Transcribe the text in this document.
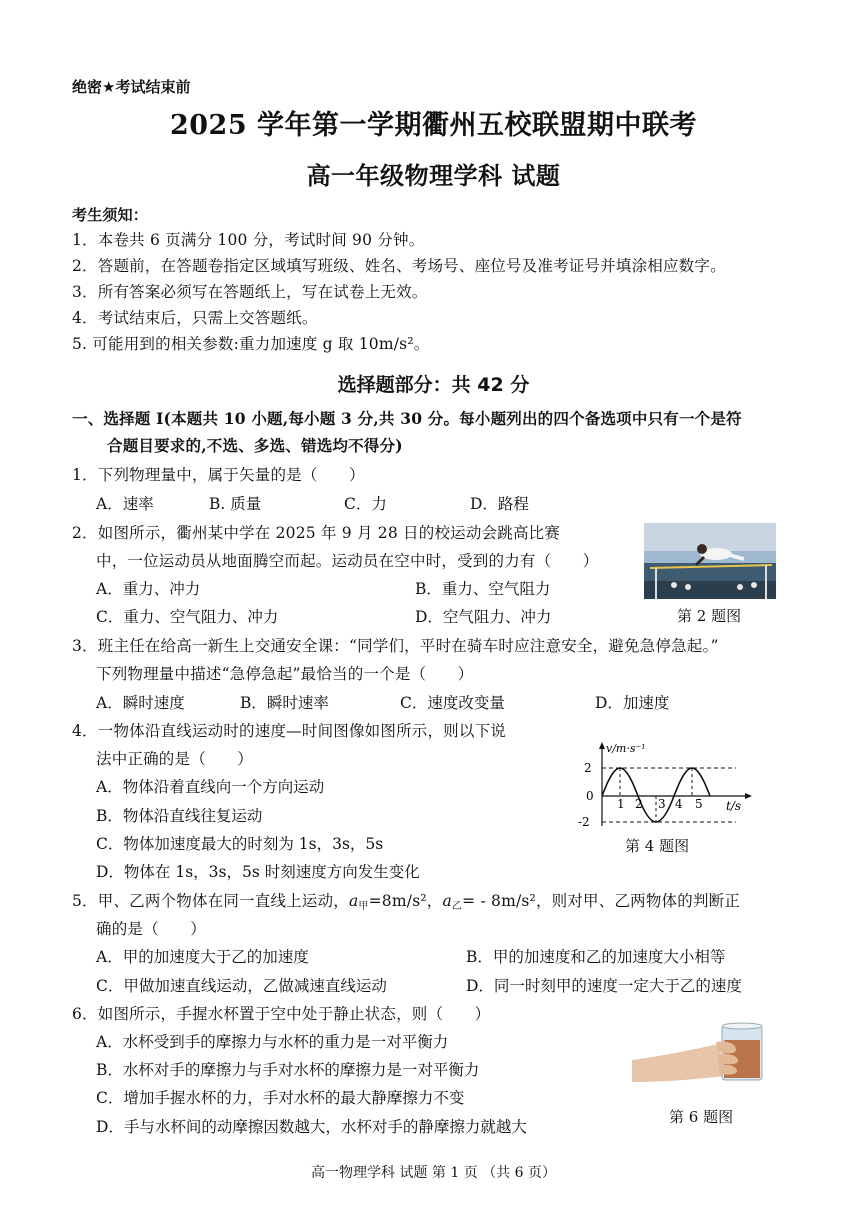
绝密★考试结束前
2025 学年第一学期衢州五校联盟期中联考
高一年级物理学科 试题
考生须知：
1．本卷共 6 页满分 100 分，考试时间 90 分钟。
2．答题前，在答题卷指定区域填写班级、姓名、考场号、座位号及准考证号并填涂相应数字。
3．所有答案必须写在答题纸上，写在试卷上无效。
4．考试结束后，只需上交答题纸。
5. 可能用到的相关参数:重力加速度 g 取 10m/s²。
选择题部分：共 42 分
一、选择题 I(本题共 10 小题,每小题 3 分,共 30 分。每小题列出的四个备选项中只有一个是符
合题目要求的,不选、多选、错选均不得分)
1．下列物理量中，属于矢量的是（　　）
A．速率	B. 质量	C．力	D．路程
2．如图所示，衢州某中学在 2025 年 9 月 28 日的校运动会跳高比赛
中，一位运动员从地面腾空而起。运动员在空中时，受到的力有（　　）
A．重力、冲力	B．重力、空气阻力
C．重力、空气阻力、冲力	D．空气阻力、冲力	第 2 题图
3．班主任在给高一新生上交通安全课：“同学们，平时在骑车时应注意安全，避免急停急起。”
下列物理量中描述“急停急起”最恰当的一个是（　　）
A．瞬时速度	B．瞬时速率	C．速度改变量	D．加速度
4．一物体沿直线运动时的速度—时间图像如图所示，则以下说
法中正确的是（　　）
A．物体沿着直线向一个方向运动
B．物体沿直线往复运动
C．物体加速度最大的时刻为 1s，3s，5s
D．物体在 1s，3s，5s 时刻速度方向发生变化
v/m·s⁻¹
2
0
-2
1 2 3 4 5 t/s
第 4 题图
5．甲、乙两个物体在同一直线上运动，$a_甲=8m/s^2$，$a_乙= - 8m/s^2$，则对甲、乙两物体的判断正
确的是（　　）
A．甲的加速度大于乙的加速度	B．甲的加速度和乙的加速度大小相等
C．甲做加速直线运动，乙做减速直线运动	D．同一时刻甲的速度一定大于乙的速度
6．如图所示，手握水杯置于空中处于静止状态，则（　　）
A．水杯受到手的摩擦力与水杯的重力是一对平衡力
B．水杯对手的摩擦力与手对水杯的摩擦力是一对平衡力
C．增加手握水杯的力，手对水杯的最大静摩擦力不变
D．手与水杯间的动摩擦因数越大，水杯对手的静摩擦力就越大
第 6 题图
高一物理学科 试题 第 1 页 （共 6 页）
